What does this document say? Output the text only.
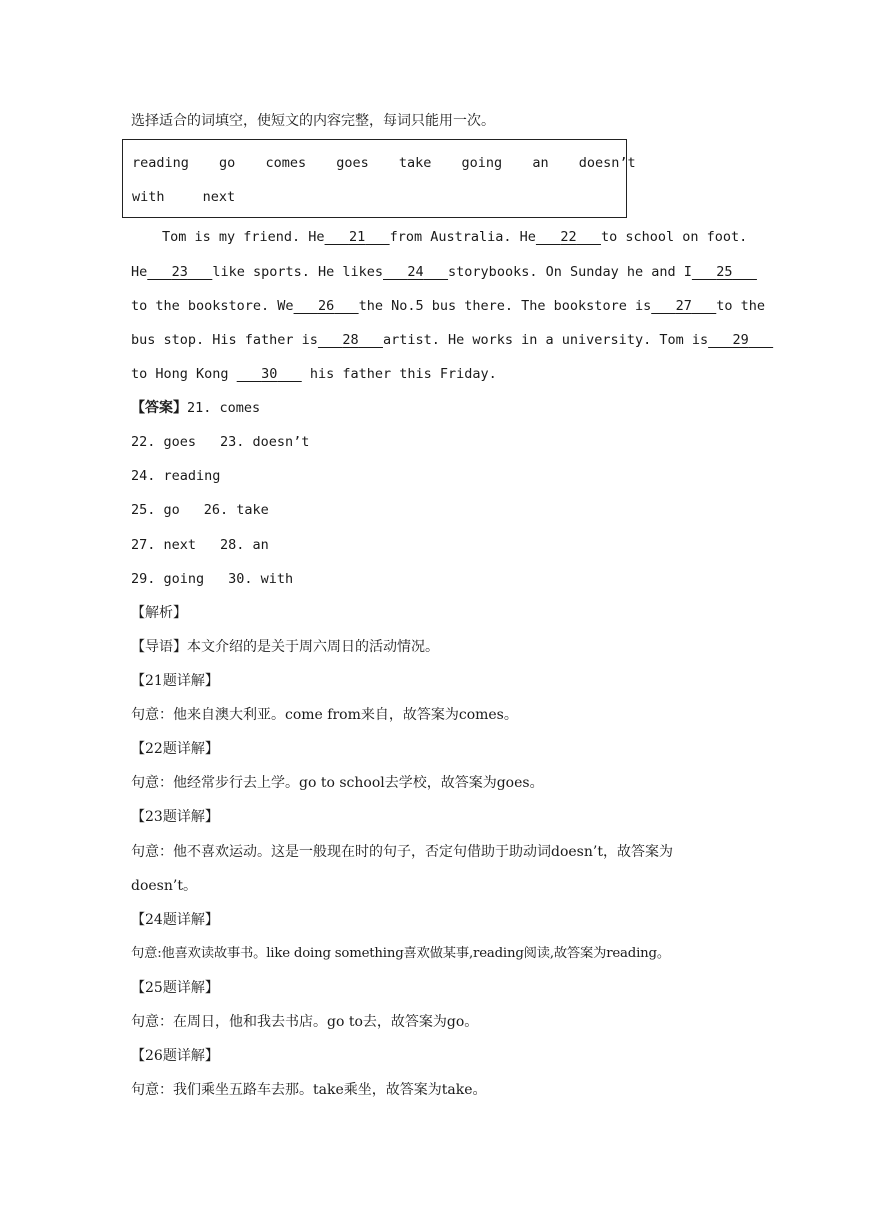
选择适合的词填空，使短文的内容完整，每词只能用一次。
reading go comes goes take going an doesn’t
with	next
Tom is my friend. He	21	from Australia. He	22	to school on foot.
He	23	like sports. He likes	24	storybooks. On Sunday he and I	25
to the bookstore. We	26	the No.5 bus there. The bookstore is	27	to the
bus stop. His father is	28	artist. He works in a university. Tom is	29
to Hong Kong 30 his father this Friday.
【答案】21. comes
22. goes 23. doesn’t
24. reading
25. go 26. take
27. next 28. an
29. going 30. with
【解析】
【导语】本文介绍的是关于周六周日的活动情况。
【21题详解】
句意：他来自澳大利亚。come from来自，故答案为comes。
【22题详解】
句意：他经常步行去上学。go to school去学校，故答案为goes。
【23题详解】
句意：他不喜欢运动。这是一般现在时的句子，否定句借助于助动词doesn’t，故答案为
doesn’t。
【24题详解】
句意:他喜欢读故事书。like doing something喜欢做某事,reading阅读,故答案为reading。
【25题详解】
句意：在周日，他和我去书店。go to去，故答案为go。
【26题详解】
句意：我们乘坐五路车去那。take乘坐，故答案为take。
